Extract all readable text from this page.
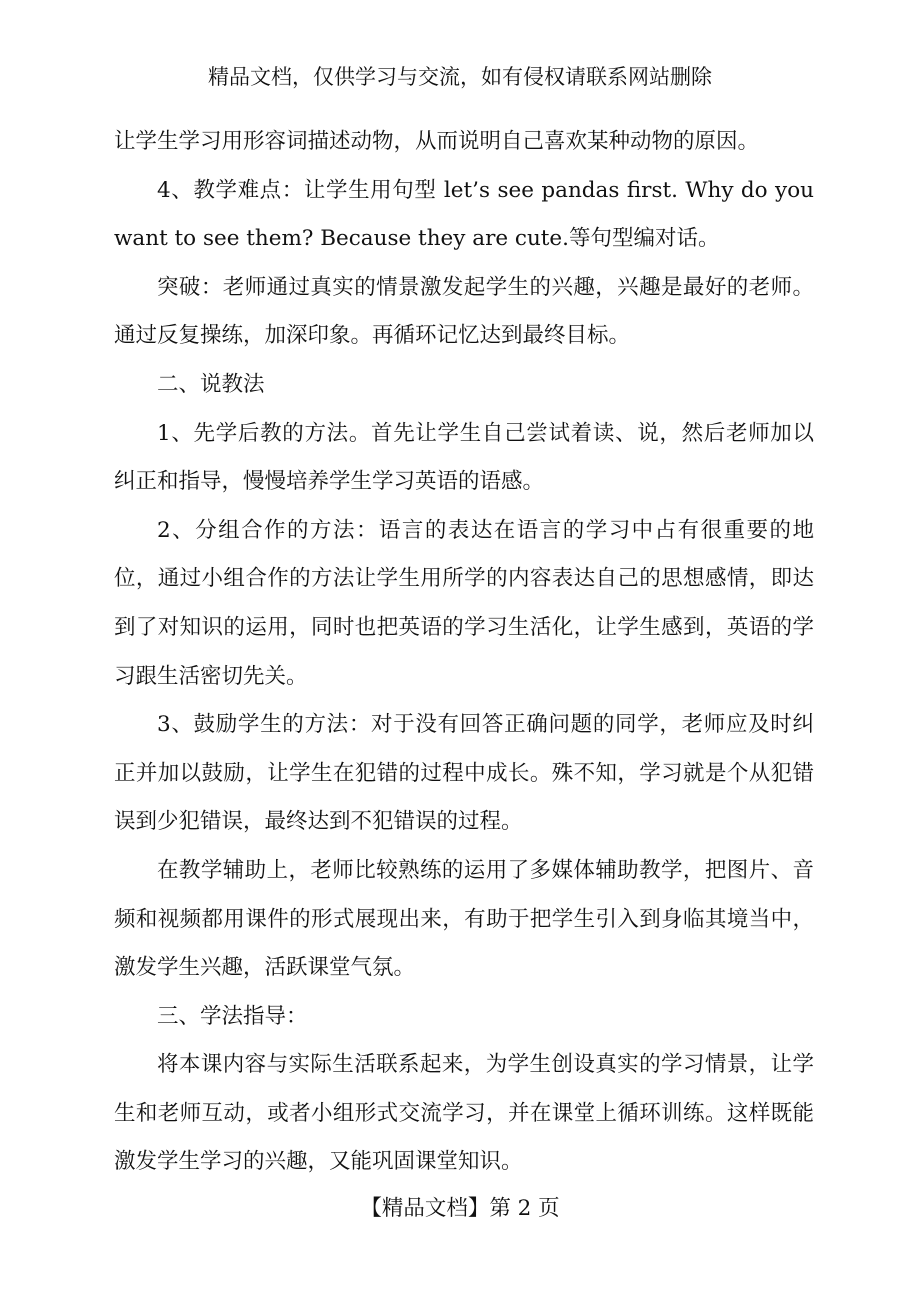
精品文档，仅供学习与交流，如有侵权请联系网站删除

让学生学习用形容词描述动物，从而说明自己喜欢某种动物的原因。

4、教学难点：让学生用句型 let’s see pandas first. Why do you want to see them? Because they are cute.等句型编对话。

突破：老师通过真实的情景激发起学生的兴趣，兴趣是最好的老师。通过反复操练，加深印象。再循环记忆达到最终目标。

二、说教法

1、先学后教的方法。首先让学生自己尝试着读、说，然后老师加以纠正和指导，慢慢培养学生学习英语的语感。

2、分组合作的方法：语言的表达在语言的学习中占有很重要的地位，通过小组合作的方法让学生用所学的内容表达自己的思想感情，即达到了对知识的运用，同时也把英语的学习生活化，让学生感到，英语的学习跟生活密切先关。

3、鼓励学生的方法：对于没有回答正确问题的同学，老师应及时纠正并加以鼓励，让学生在犯错的过程中成长。殊不知，学习就是个从犯错误到少犯错误，最终达到不犯错误的过程。

在教学辅助上，老师比较熟练的运用了多媒体辅助教学，把图片、音频和视频都用课件的形式展现出来，有助于把学生引入到身临其境当中，激发学生兴趣，活跃课堂气氛。

三、学法指导：

将本课内容与实际生活联系起来，为学生创设真实的学习情景，让学生和老师互动，或者小组形式交流学习，并在课堂上循环训练。这样既能激发学生学习的兴趣，又能巩固课堂知识。

【精品文档】第 2 页
